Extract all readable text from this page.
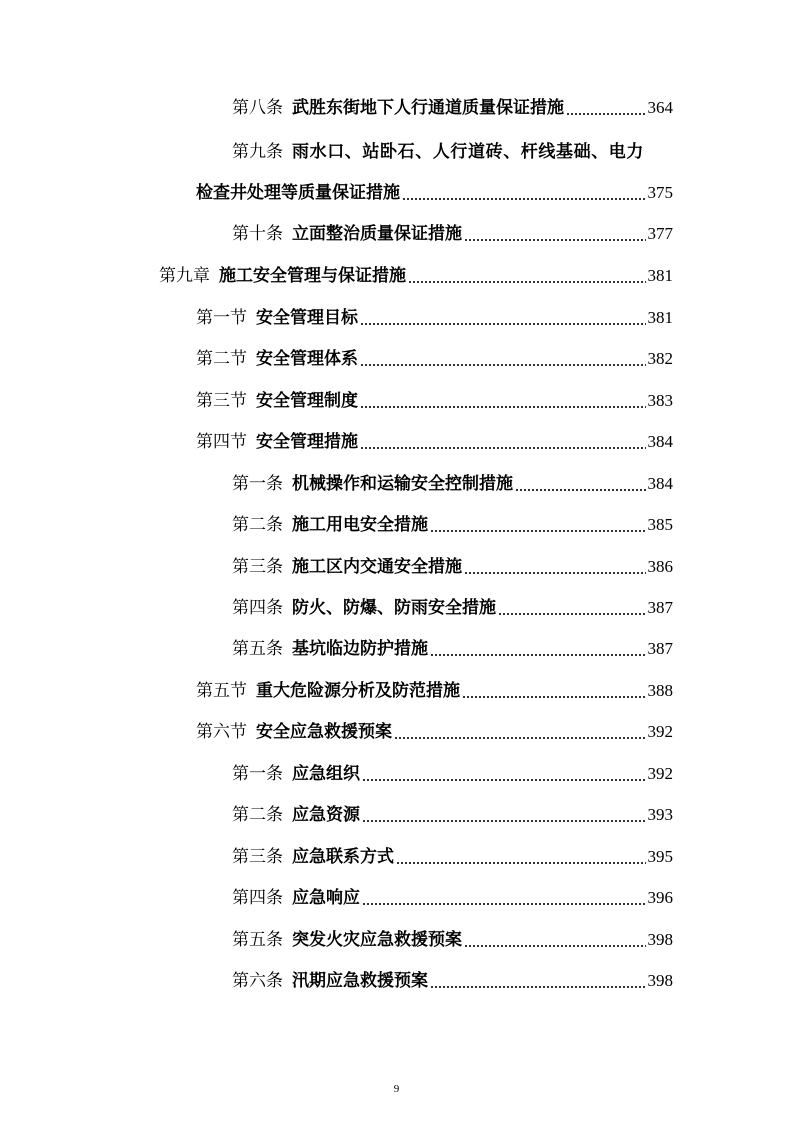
第八条 武胜东街地下人行通道质量保证措施	364
第九条 雨水口、站卧石、人行道砖、杆线基础、电力
检查井处理等质量保证措施	375
第十条 立面整治质量保证措施	377
第九章 施工安全管理与保证措施	381
第一节 安全管理目标	381
第二节 安全管理体系	382
第三节 安全管理制度	383
第四节 安全管理措施	384
第一条 机械操作和运输安全控制措施	384
第二条 施工用电安全措施	385
第三条 施工区内交通安全措施	386
第四条 防火、防爆、防雨安全措施	387
第五条 基坑临边防护措施	387
第五节 重大危险源分析及防范措施	388
第六节 安全应急救援预案	392
第一条 应急组织	392
第二条 应急资源	393
第三条 应急联系方式	395
第四条 应急响应	396
第五条 突发火灾应急救援预案	398
第六条 汛期应急救援预案	398
9
